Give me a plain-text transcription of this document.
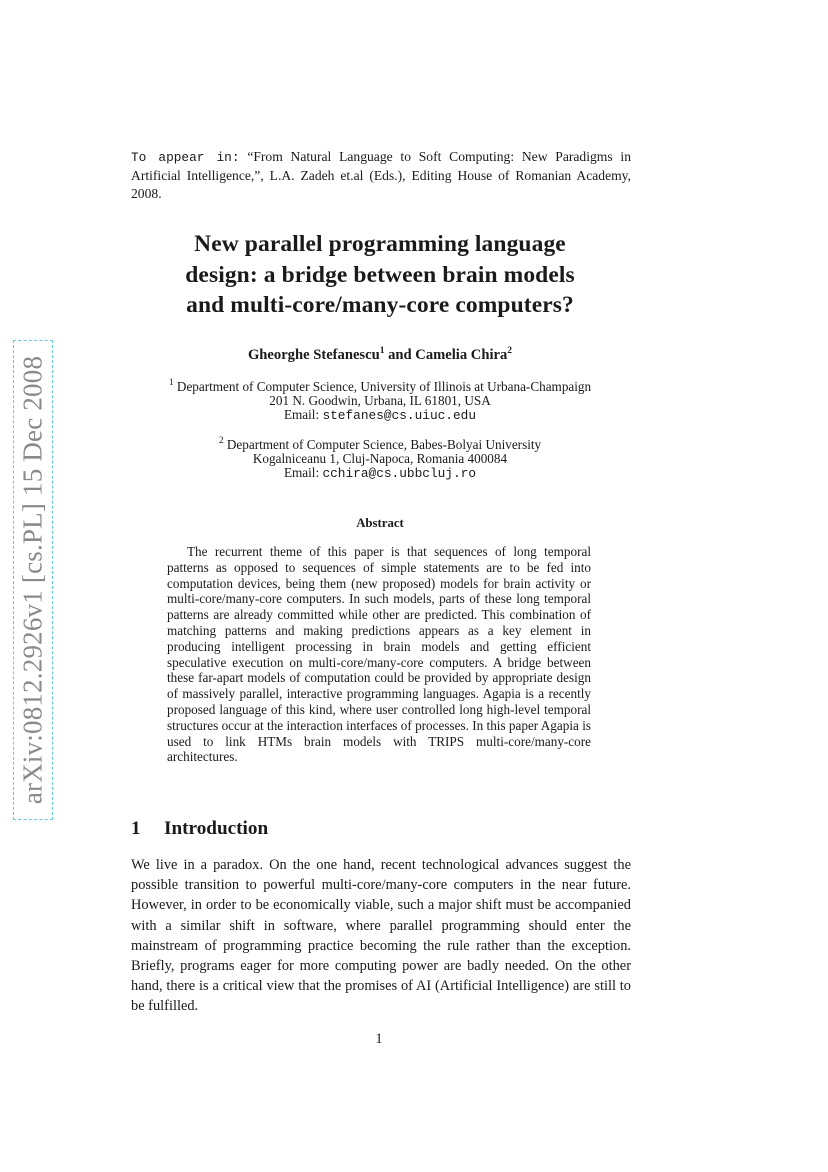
arXiv:0812.2926v1 [cs.PL] 15 Dec 2008
To appear in: “From Natural Language to Soft Computing: New Paradigms in Artificial Intelligence,”, L.A. Zadeh et.al (Eds.), Editing House of Romanian Academy, 2008.
New parallel programming language
design: a bridge between brain models
and multi-core/many-core computers?
Gheorghe Stefanescu$^1$ and Camelia Chira$^2$
$^1$ Department of Computer Science, University of Illinois at Urbana-Champaign
201 N. Goodwin, Urbana, IL 61801, USA
Email: stefanes@cs.uiuc.edu
$^2$ Department of Computer Science, Babes-Bolyai University
Kogalniceanu 1, Cluj-Napoca, Romania 400084
Email: cchira@cs.ubbcluj.ro
Abstract

The recurrent theme of this paper is that sequences of long temporal patterns as opposed to sequences of simple statements are to be fed into computation devices, being them (new proposed) models for brain activity or multi-core/many-core computers. In such models, parts of these long temporal patterns are already committed while other are predicted. This combination of matching patterns and making predictions appears as a key element in producing intelligent processing in brain models and getting efficient speculative execution on multi-core/many-core computers. A bridge between these far-apart models of computation could be provided by appropriate design of massively parallel, interactive programming languages. Agapia is a recently proposed language of this kind, where user controlled long high-level temporal structures occur at the interaction interfaces of processes. In this paper Agapia is used to link HTMs brain models with TRIPS multi-core/many-core architectures.

1 Introduction

We live in a paradox. On the one hand, recent technological advances suggest the possible transition to powerful multi-core/many-core computers in the near future. However, in order to be economically viable, such a major shift must be accompanied with a similar shift in software, where parallel programming should enter the mainstream of programming practice becoming the rule rather than the exception. Briefly, programs eager for more computing power are badly needed. On the other hand, there is a critical view that the promises of AI (Artificial Intelligence) are still to be fulfilled.

1
